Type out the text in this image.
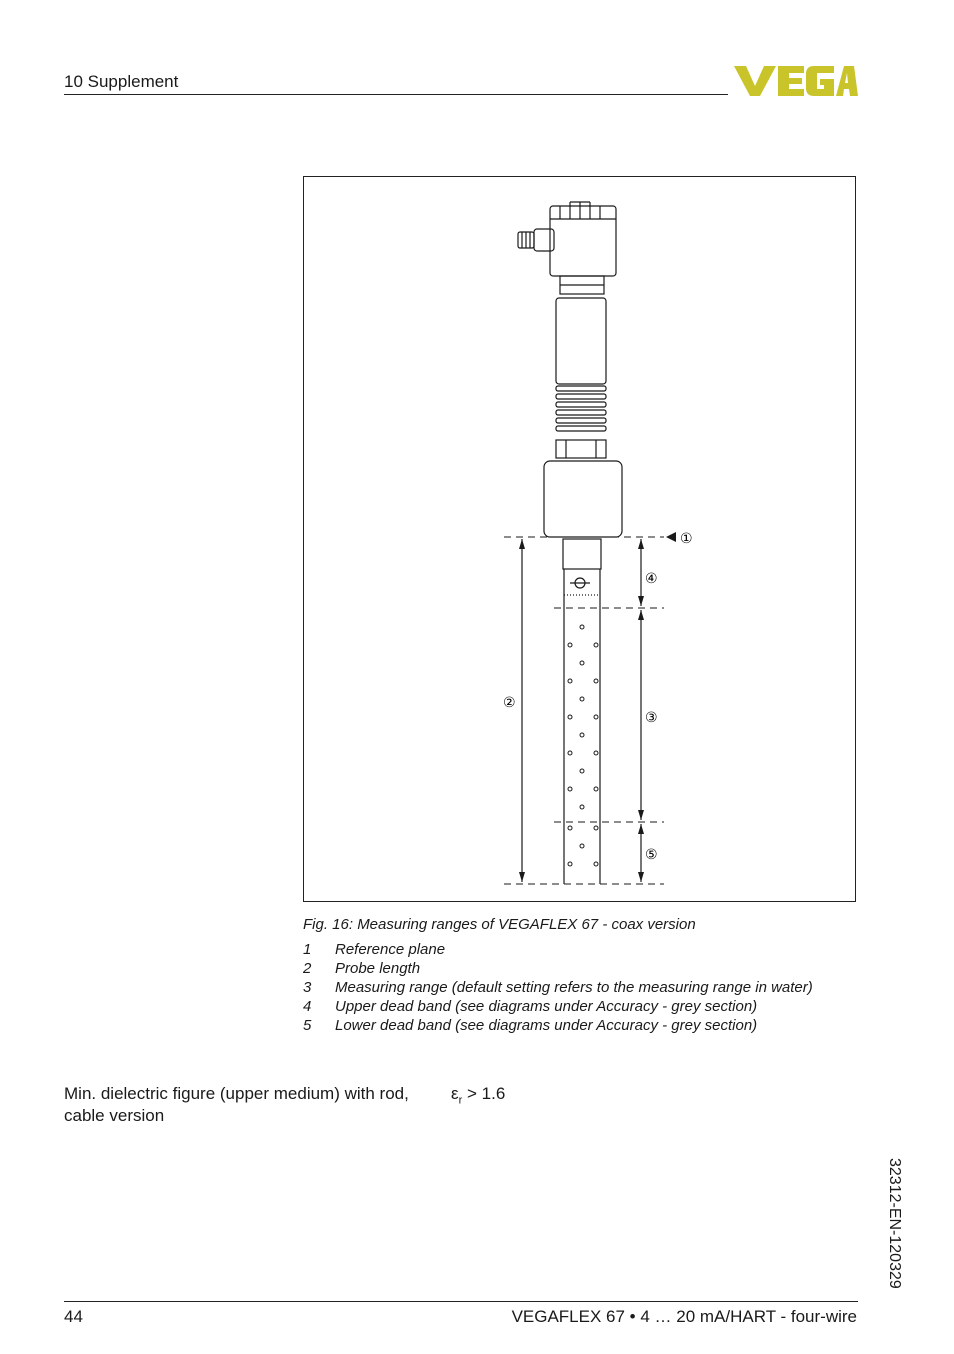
10 Supplement
①
②
③
④
⑤
Fig. 16: Measuring ranges of VEGAFLEX 67 - coax version
1	Reference plane
2	Probe length
3	Measuring range (default setting refers to the measuring range in water)
4	Upper dead band (see diagrams under Accuracy - grey section)
5	Lower dead band (see diagrams under Accuracy - grey section)
Min. dielectric figure (upper medium) with rod, cable version
$\varepsilon_r > 1.6$
32312-EN-120329
44	VEGAFLEX 67 • 4 … 20 mA/HART - four-wire
